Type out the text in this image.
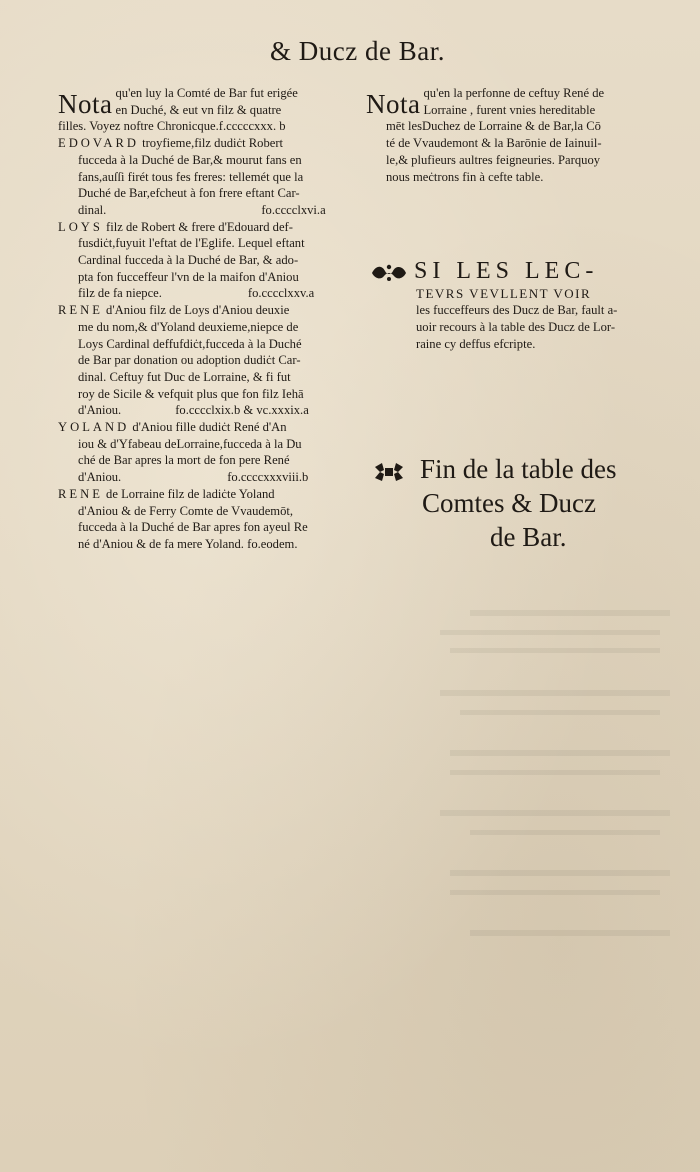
& Ducz de Bar.
Nota qu'en luy la Comté de Bar fut erigée
en Duché, & eut vn filz & quatre
filles. Voyez noftre Chronicque.f.cccccxxx. b
EDOVARD troyfieme,filz dudiċt Robert
fucceda à la Duché de Bar,& mourut fans en
fans,auſſi firét tous fes freres: tellemét que la
Duché de Bar,efcheut à fon frere eftant Car-
dinal.	fo.cccclxvi.a
LOYS filz de Robert & frere d'Edouard def-
fusdiċt,fuyuit l'eftat de l'Eglife. Lequel eftant
Cardinal fucceda à la Duché de Bar, & ado-
pta fon fucceffeur l'vn de la maifon d'Aniou
filz de fa niepce.	fo.cccclxxv.a
RENE d'Aniou filz de Loys d'Aniou deuxie
me du nom,& d'Yoland deuxieme,niepce de
Loys Cardinal deffufdiċt,fucceda à la Duché
de Bar par donation ou adoption dudiċt Car-
dinal. Ceftuy fut Duc de Lorraine, & fi fut
roy de Sicile & vefquit plus que fon filz Iehā
d'Aniou.	fo.cccclxix.b & vc.xxxix.a
YOLAND d'Aniou fille dudiċt René d'An
iou & d'Yfabeau deLorraine,fucceda à la Du
ché de Bar apres la mort de fon pere René
d'Aniou.	fo.ccccxxxviii.b
RENE de Lorraine filz de ladiċte Yoland
d'Aniou & de Ferry Comte de Vvaudemōt,
fucceda à la Duché de Bar apres fon ayeul Re
né d'Aniou & de fa mere Yoland. fo.eodem.
Nota qu'en la perfonne de ceftuy René de
Lorraine , furent vnies hereditable
mēt lesDuchez de Lorraine & de Bar,la Cō
té de Vvaudemont & la Barōnie de Iainuil-
le,& plufieurs aultres feigneuries. Parquoy
nous meċtrons fin à cefte table.
SI LES LEC-
TEVRS VEVLLENT VOIR
les fucceffeurs des Ducz de Bar, fault a-
uoir recours à la table des Ducz de Lor-
raine cy deffus efcripte.
Fin de la table des
Comtes & Ducz
de Bar.
